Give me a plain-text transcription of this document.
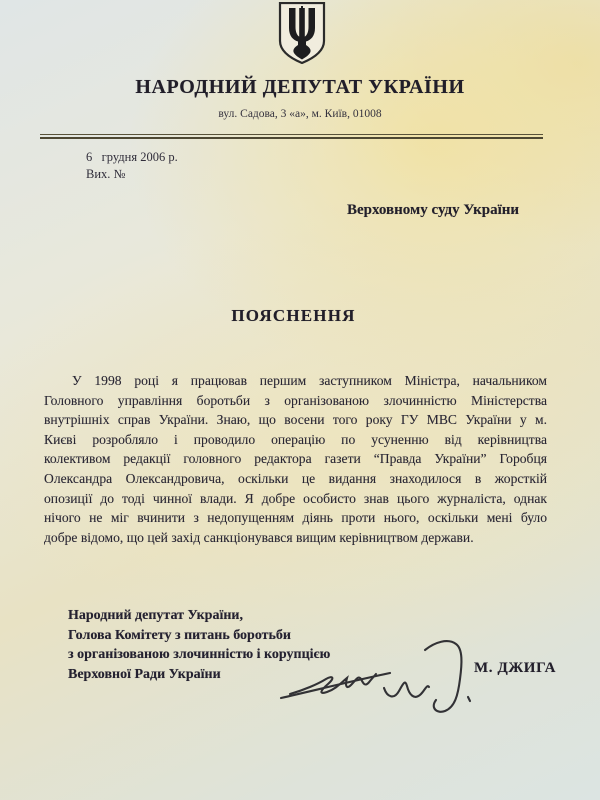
НАРОДНИЙ ДЕПУТАТ УКРАЇНИ
вул. Садова, 3 «а», м. Київ, 01008
6   грудня 2006 р.
Вих. №
Верховному суду України
ПОЯСНЕННЯ
У 1998 році я працював першим заступником Міністра, начальником
Головного управління боротьби з організованою злочинністю Міністерства
внутрішніх справ України. Знаю, що восени того року ГУ МВС України у м.
Києві розробляло і проводило операцію по усуненню від керівництва
колективом редакції головного редактора газети “Правда України” Горобця
Олександра Олександровича, оскільки це видання знаходилося в жорсткій
опозиції до тоді чинної влади. Я добре особисто знав цього журналіста, однак
нічого не міг вчинити з недопущенням діянь проти нього, оскільки мені було
добре відомо, що цей захід санкціонувався вищим керівництвом держави.
Народний депутат України,
Голова Комітету з питань боротьби
з організованою злочинністю і корупцією
Верховної Ради України	М. ДЖИГА
